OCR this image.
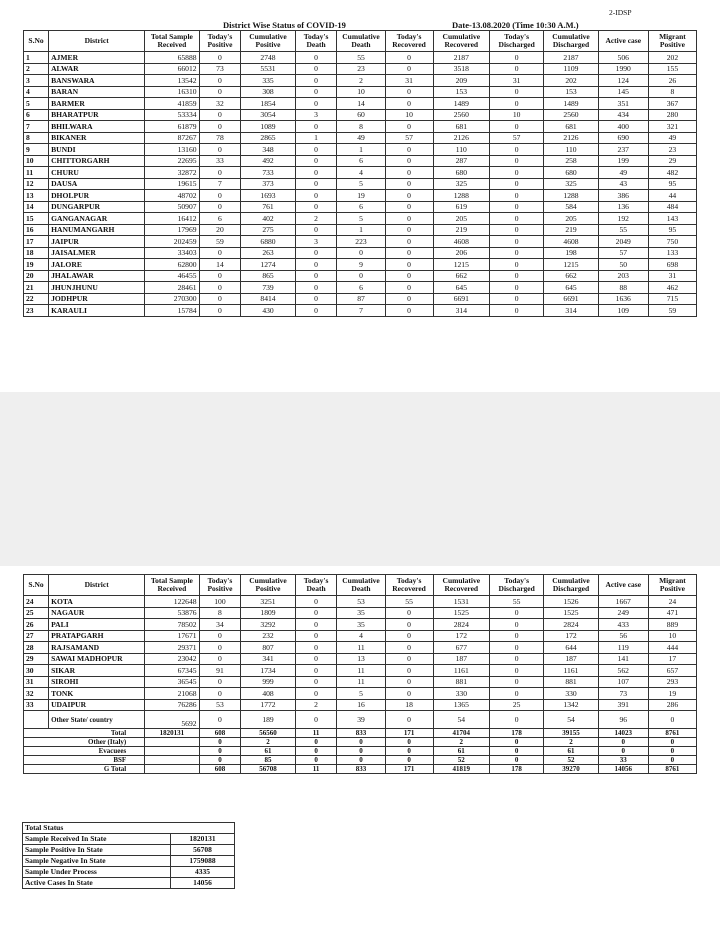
2-IDSP
District Wise Status of COVID-19	Date-13.08.2020 (Time 10:30 A.M.)
S.No	District	Total Sample Received	Today's Positive	Cumulative Positive	Today's Death	Cumulative Death	Today's Recovered	Cumulative Recovered	Today's Discharged	Cumulative Discharged	Active case	Migrant Positive
1	AJMER	65888	0	2748	0	55	0	2187	0	2187	506	202
2	ALWAR	66012	73	5531	0	23	0	3518	0	1109	1990	155
3	BANSWARA	13542	0	335	0	2	31	209	31	202	124	26
4	BARAN	16310	0	308	0	10	0	153	0	153	145	8
5	BARMER	41859	32	1854	0	14	0	1489	0	1489	351	367
6	BHARATPUR	53334	0	3054	3	60	10	2560	10	2560	434	280
7	BHILWARA	61879	0	1089	0	8	0	681	0	681	400	321
8	BIKANER	87267	78	2865	1	49	57	2126	57	2126	690	49
9	BUNDI	13160	0	348	0	1	0	110	0	110	237	23
10	CHITTORGARH	22695	33	492	0	6	0	287	0	258	199	29
11	CHURU	32872	0	733	0	4	0	680	0	680	49	482
12	DAUSA	19615	7	373	0	5	0	325	0	325	43	95
13	DHOLPUR	48702	0	1693	0	19	0	1288	0	1288	386	44
14	DUNGARPUR	50907	0	761	0	6	0	619	0	584	136	484
15	GANGANAGAR	16412	6	402	2	5	0	205	0	205	192	143
16	HANUMANGARH	17969	20	275	0	1	0	219	0	219	55	95
17	JAIPUR	202459	59	6880	3	223	0	4608	0	4608	2049	750
18	JAISALMER	33403	0	263	0	0	0	206	0	198	57	133
19	JALORE	62800	14	1274	0	9	0	1215	0	1215	50	698
20	JHALAWAR	46455	0	865	0	0	0	662	0	662	203	31
21	JHUNJHUNU	28461	0	739	0	6	0	645	0	645	88	462
22	JODHPUR	270300	0	8414	0	87	0	6691	0	6691	1636	715
23	KARAULI	15784	0	430	0	7	0	314	0	314	109	59
S.No	District	Total Sample Received	Today's Positive	Cumulative Positive	Today's Death	Cumulative Death	Today's Recovered	Cumulative Recovered	Today's Discharged	Cumulative Discharged	Active case	Migrant Positive
24	KOTA	122648	100	3251	0	53	55	1531	55	1526	1667	24
25	NAGAUR	53876	8	1809	0	35	0	1525	0	1525	249	471
26	PALI	78502	34	3292	0	35	0	2824	0	2824	433	889
27	PRATAPGARH	17671	0	232	0	4	0	172	0	172	56	10
28	RAJSAMAND	29371	0	807	0	11	0	677	0	644	119	444
29	SAWAI MADHOPUR	23042	0	341	0	13	0	187	0	187	141	17
30	SIKAR	67345	91	1734	0	11	0	1161	0	1161	562	657
31	SIROHI	36545	0	999	0	11	0	881	0	881	107	293
32	TONK	21068	0	408	0	5	0	330	0	330	73	19
33	UDAIPUR	76286	53	1772	2	16	18	1365	25	1342	391	286
	Other State/ country	5692	0	189	0	39	0	54	0	54	96	0
Total		1820131	608	56560	11	833	171	41704	178	39155	14023	8761
Other (Italy)			0	2	0	0	0	2	0	2	0	0
Evacuees			0	61	0	0	0	61	0	61	0	0
BSF			0	85	0	0	0	52	0	52	33	0
G Total			608	56708	11	833	171	41819	178	39270	14056	8761
Total Status	
Sample Received In State	1820131
Sample Positive In State	56708
Sample Negative In State	1759088
Sample Under Process	4335
Active Cases In State	14056
